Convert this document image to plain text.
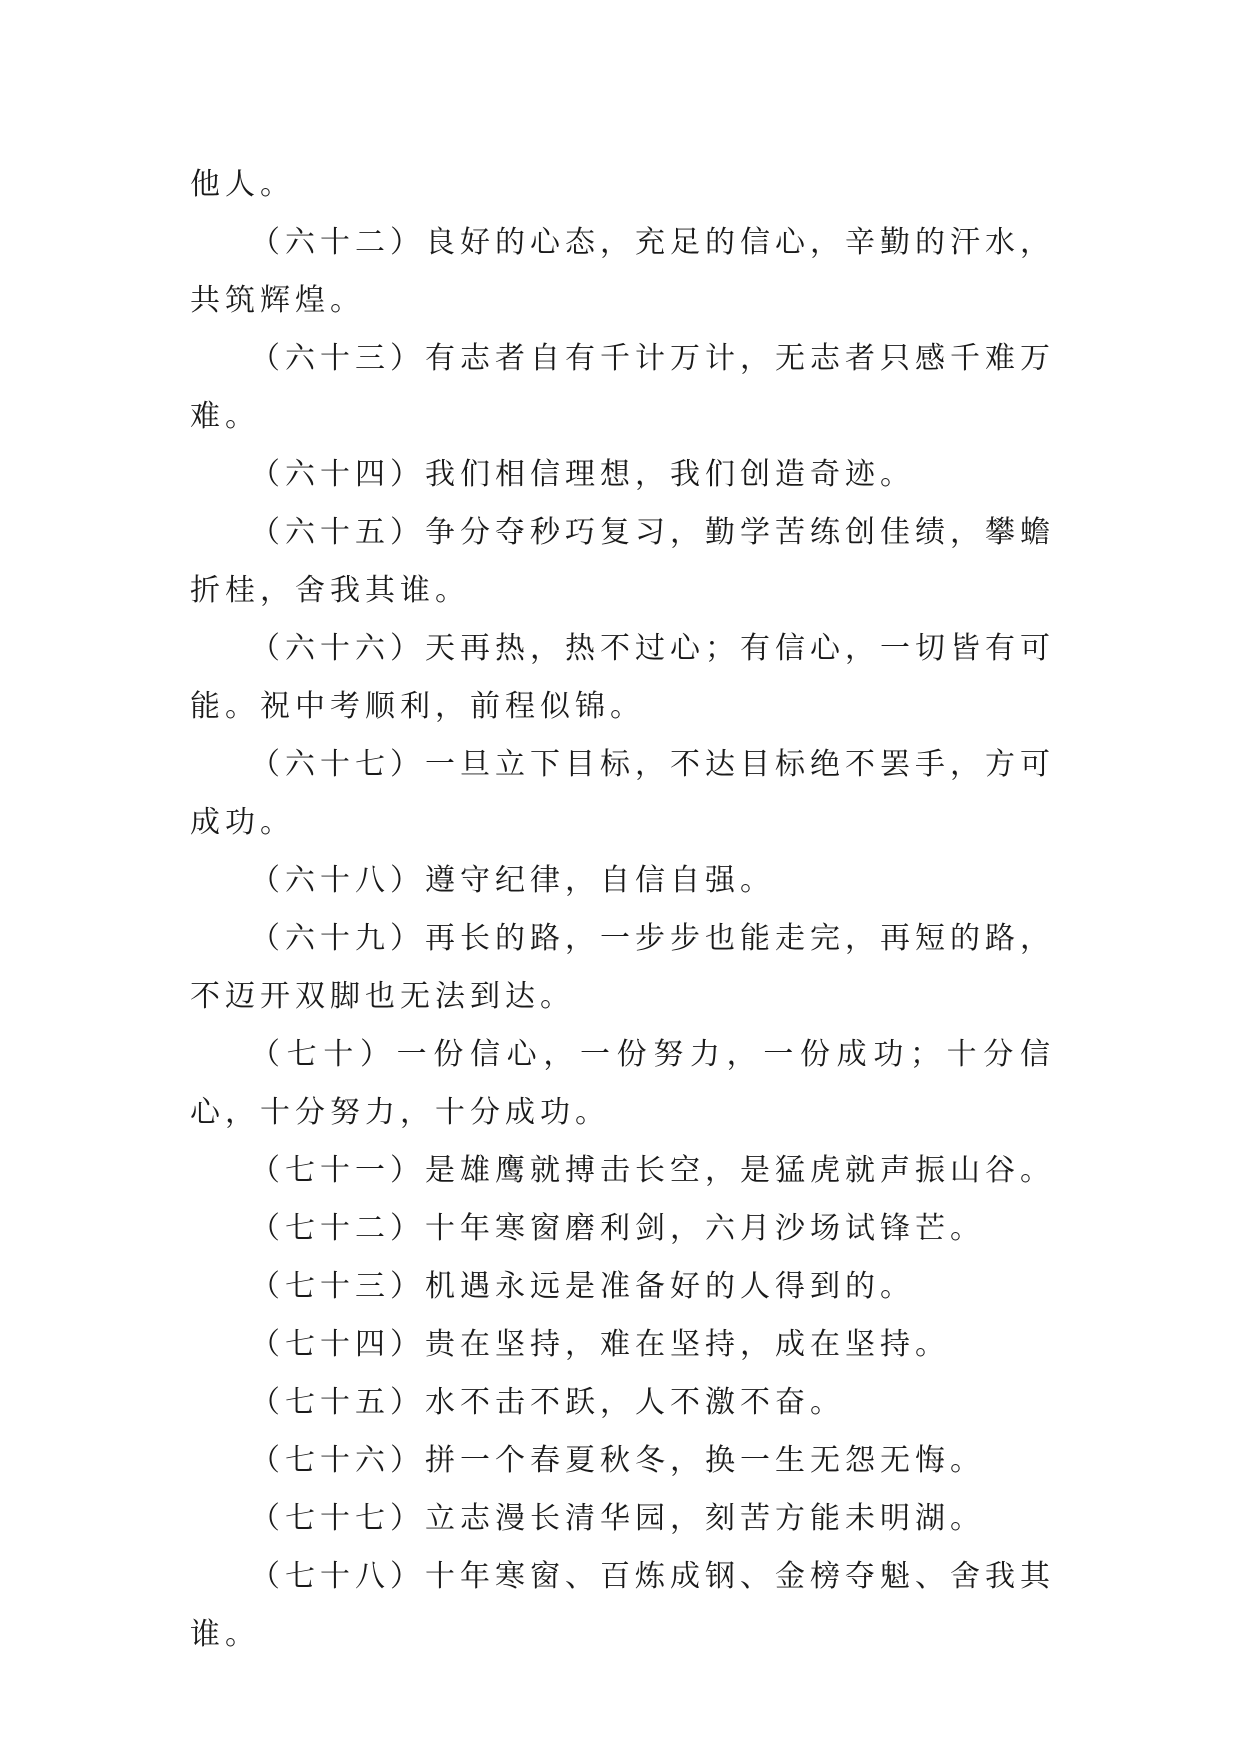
他人。

（六十二）良好的心态，充足的信心，辛勤的汗水，共筑辉煌。

（六十三）有志者自有千计万计，无志者只感千难万难。

（六十四）我们相信理想，我们创造奇迹。

（六十五）争分夺秒巧复习，勤学苦练创佳绩，攀蟾折桂，舍我其谁。

（六十六）天再热，热不过心；有信心，一切皆有可能。祝中考顺利，前程似锦。

（六十七）一旦立下目标，不达目标绝不罢手，方可成功。

（六十八）遵守纪律，自信自强。

（六十九）再长的路，一步步也能走完，再短的路，不迈开双脚也无法到达。

（七十）一份信心，一份努力，一份成功；十分信心，十分努力，十分成功。

（七十一）是雄鹰就搏击长空，是猛虎就声振山谷。

（七十二）十年寒窗磨利剑，六月沙场试锋芒。

（七十三）机遇永远是准备好的人得到的。

（七十四）贵在坚持，难在坚持，成在坚持。

（七十五）水不击不跃，人不激不奋。

（七十六）拼一个春夏秋冬，换一生无怨无悔。

（七十七）立志漫长清华园，刻苦方能未明湖。

（七十八）十年寒窗、百炼成钢、金榜夺魁、舍我其谁。
